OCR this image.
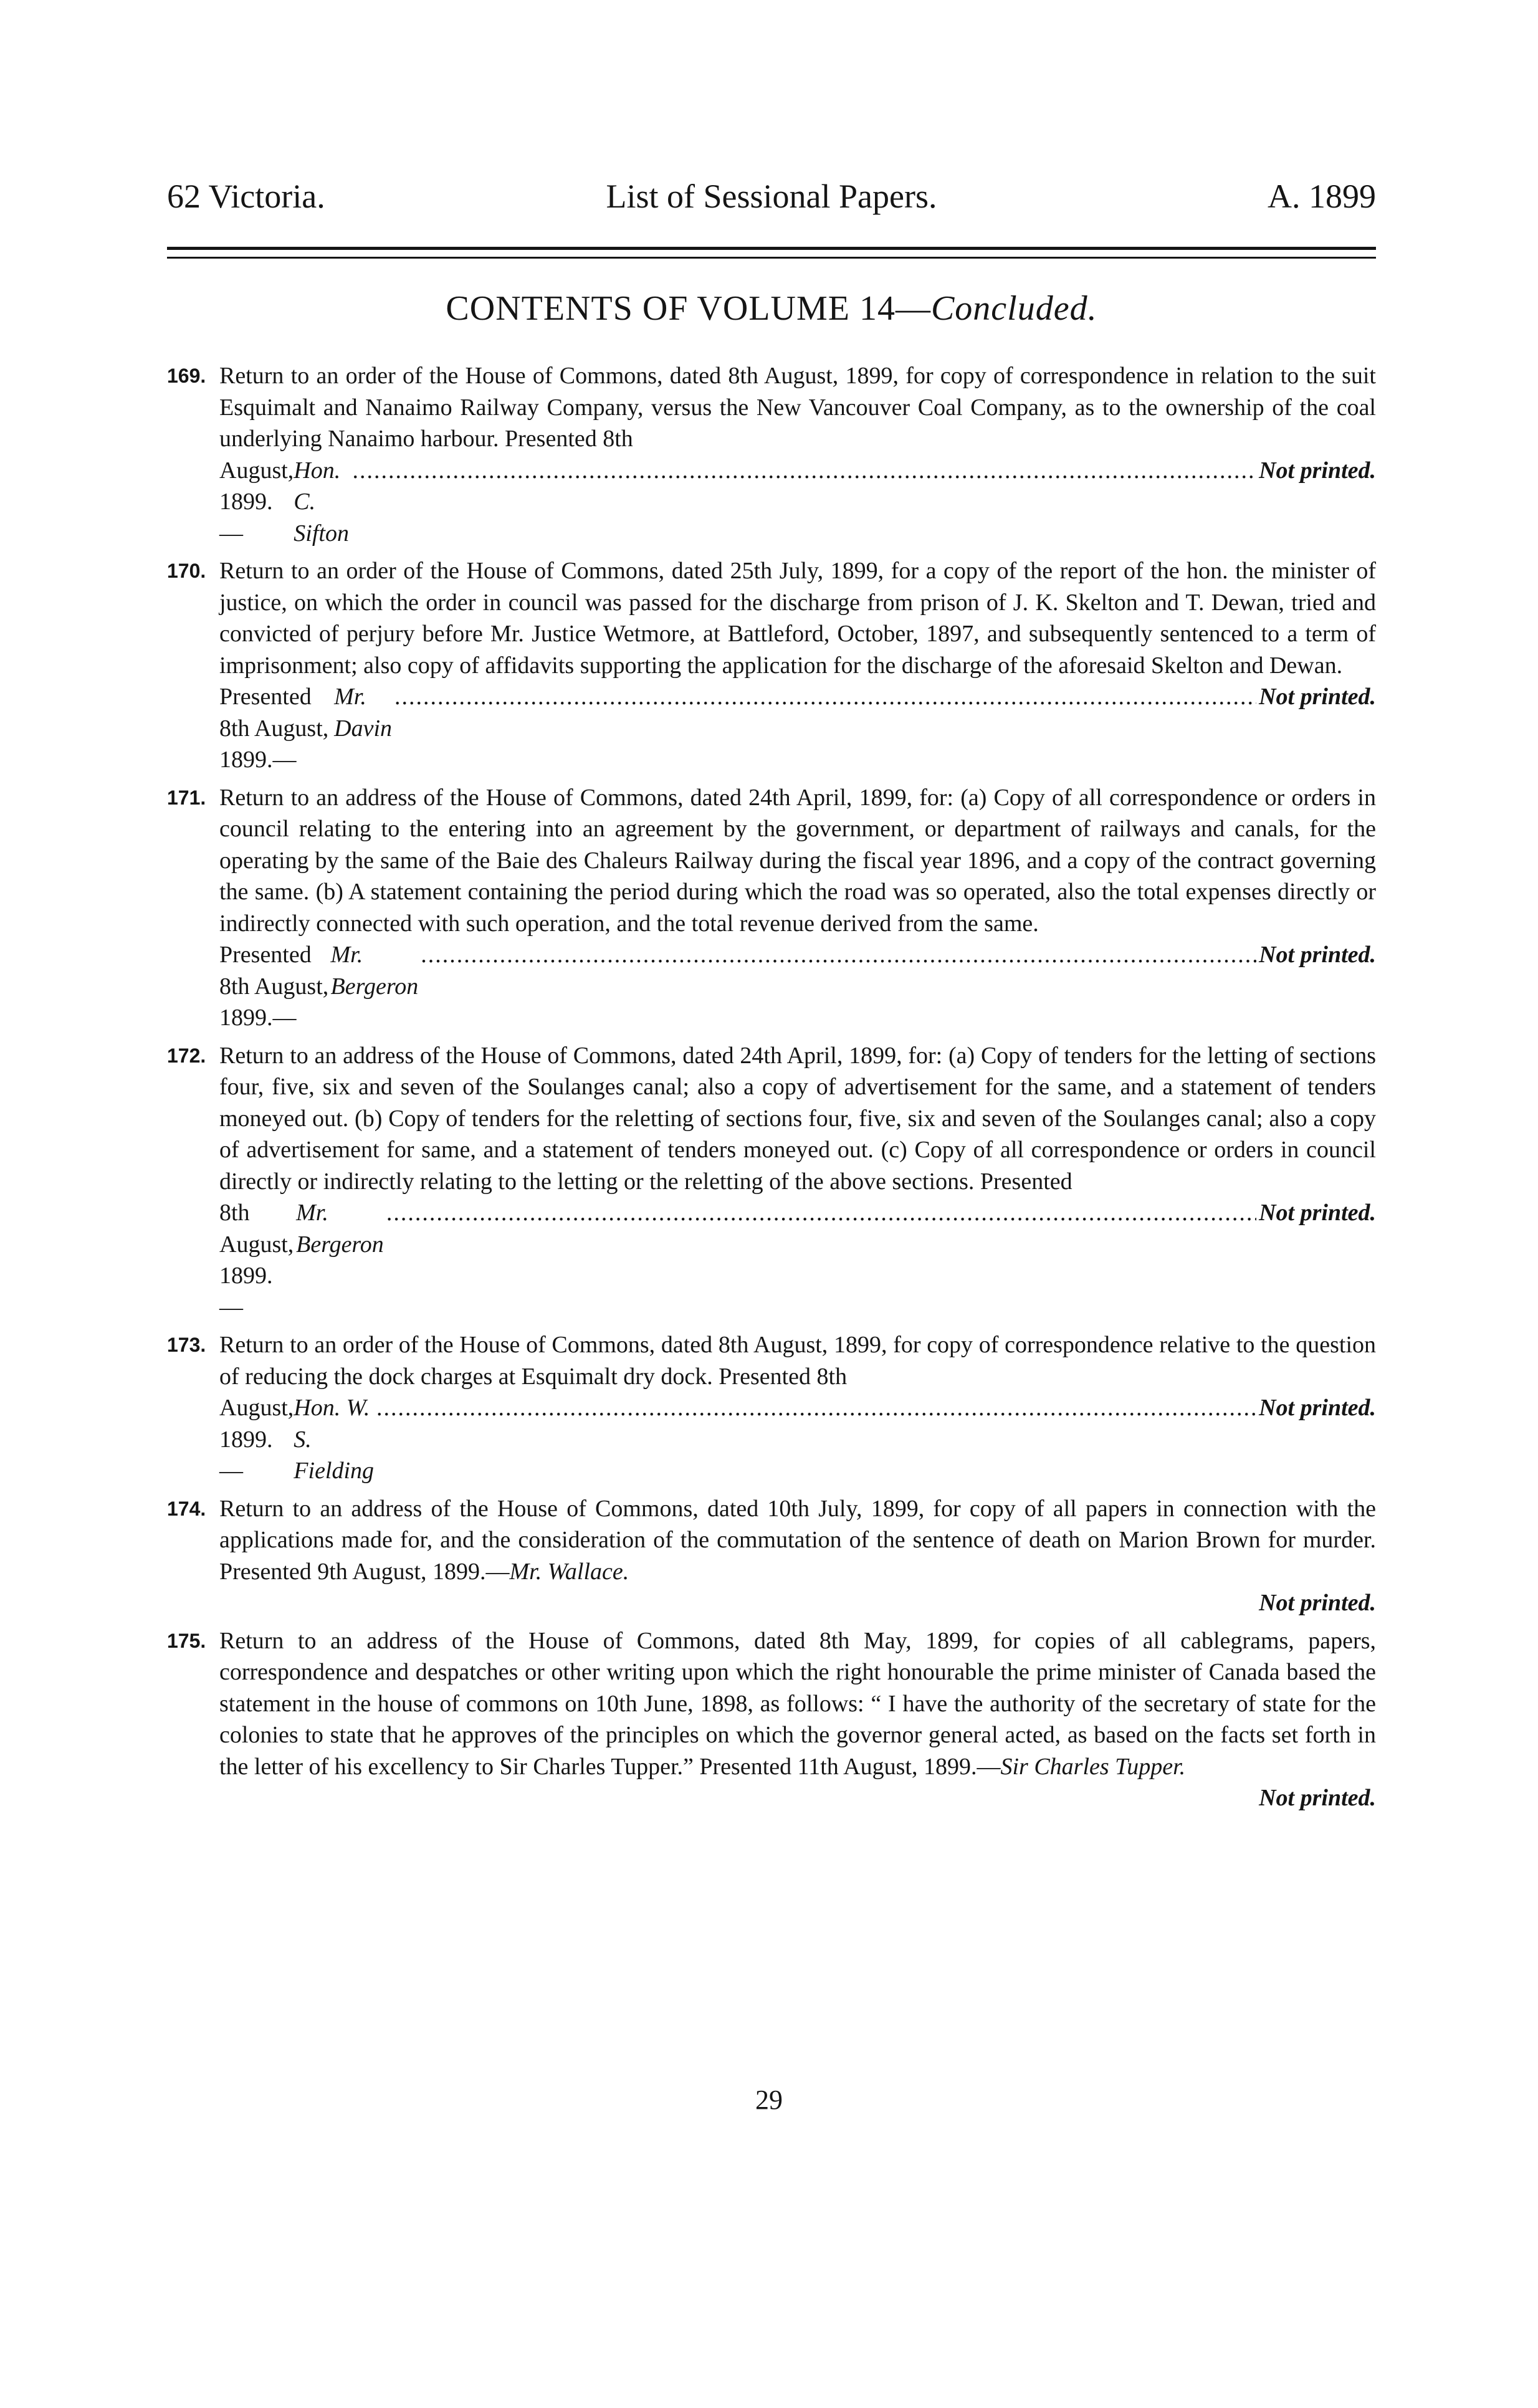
62 Victoria.	List of Sessional Papers.	A. 1899
CONTENTS OF VOLUME 14—Concluded.
169. Return to an order of the House of Commons, dated 8th August, 1899, for copy of correspondence in relation to the suit Esquimalt and Nanaimo Railway Company, versus the New Vancouver Coal Company, as to the ownership of the coal underlying Nanaimo harbour. Presented 8th
August, 1899.—
Hon. C. Sifton
.....
Not printed.
170. Return to an order of the House of Commons, dated 25th July, 1899, for a copy of the report of the hon. the minister of justice, on which the order in council was passed for the discharge from prison of J. K. Skelton and T. Dewan, tried and convicted of perjury before Mr. Justice Wetmore, at Battleford, October, 1897, and subsequently sentenced to a term of imprisonment; also copy of affidavits supporting the application for the discharge of the aforesaid Skelton and Dewan.
Presented 8th August, 1899.—
Mr. Davin
.....
Not printed.
171. Return to an address of the House of Commons, dated 24th April, 1899, for: (a) Copy of all correspondence or orders in council relating to the entering into an agreement by the government, or department of railways and canals, for the operating by the same of the Baie des Chaleurs Railway during the fiscal year 1896, and a copy of the contract governing the same. (b) A statement containing the period during which the road was so operated, also the total expenses directly or indirectly connected with such operation, and the total revenue derived from the same.
Presented 8th August, 1899.—
Mr. Bergeron
.....
Not printed.
172. Return to an address of the House of Commons, dated 24th April, 1899, for: (a) Copy of tenders for the letting of sections four, five, six and seven of the Soulanges canal; also a copy of advertisement for the same, and a statement of tenders moneyed out. (b) Copy of tenders for the reletting of sections four, five, six and seven of the Soulanges canal; also a copy of advertisement for same, and a statement of tenders moneyed out. (c) Copy of all correspondence or orders in council directly or indirectly relating to the letting or the reletting of the above sections. Presented
8th August, 1899.—
Mr. Bergeron
.....
Not printed.
173. Return to an order of the House of Commons, dated 8th August, 1899, for copy of correspondence relative to the question of reducing the dock charges at Esquimalt dry dock. Presented 8th
August, 1899.—
Hon. W. S. Fielding
.....
Not printed.
174. Return to an address of the House of Commons, dated 10th July, 1899, for copy of all papers in connection with the applications made for, and the consideration of the commutation of the sentence of death on Marion Brown for murder. Presented 9th August, 1899.—Mr. Wallace.
Not printed.
175. Return to an address of the House of Commons, dated 8th May, 1899, for copies of all cablegrams, papers, correspondence and despatches or other writing upon which the right honourable the prime minister of Canada based the statement in the house of commons on 10th June, 1898, as follows: “ I have the authority of the secretary of state for the colonies to state that he approves of the principles on which the governor general acted, as based on the facts set forth in the letter of his excellency to Sir Charles Tupper.” Presented 11th August, 1899.—Sir Charles Tupper.
Not printed.
29
